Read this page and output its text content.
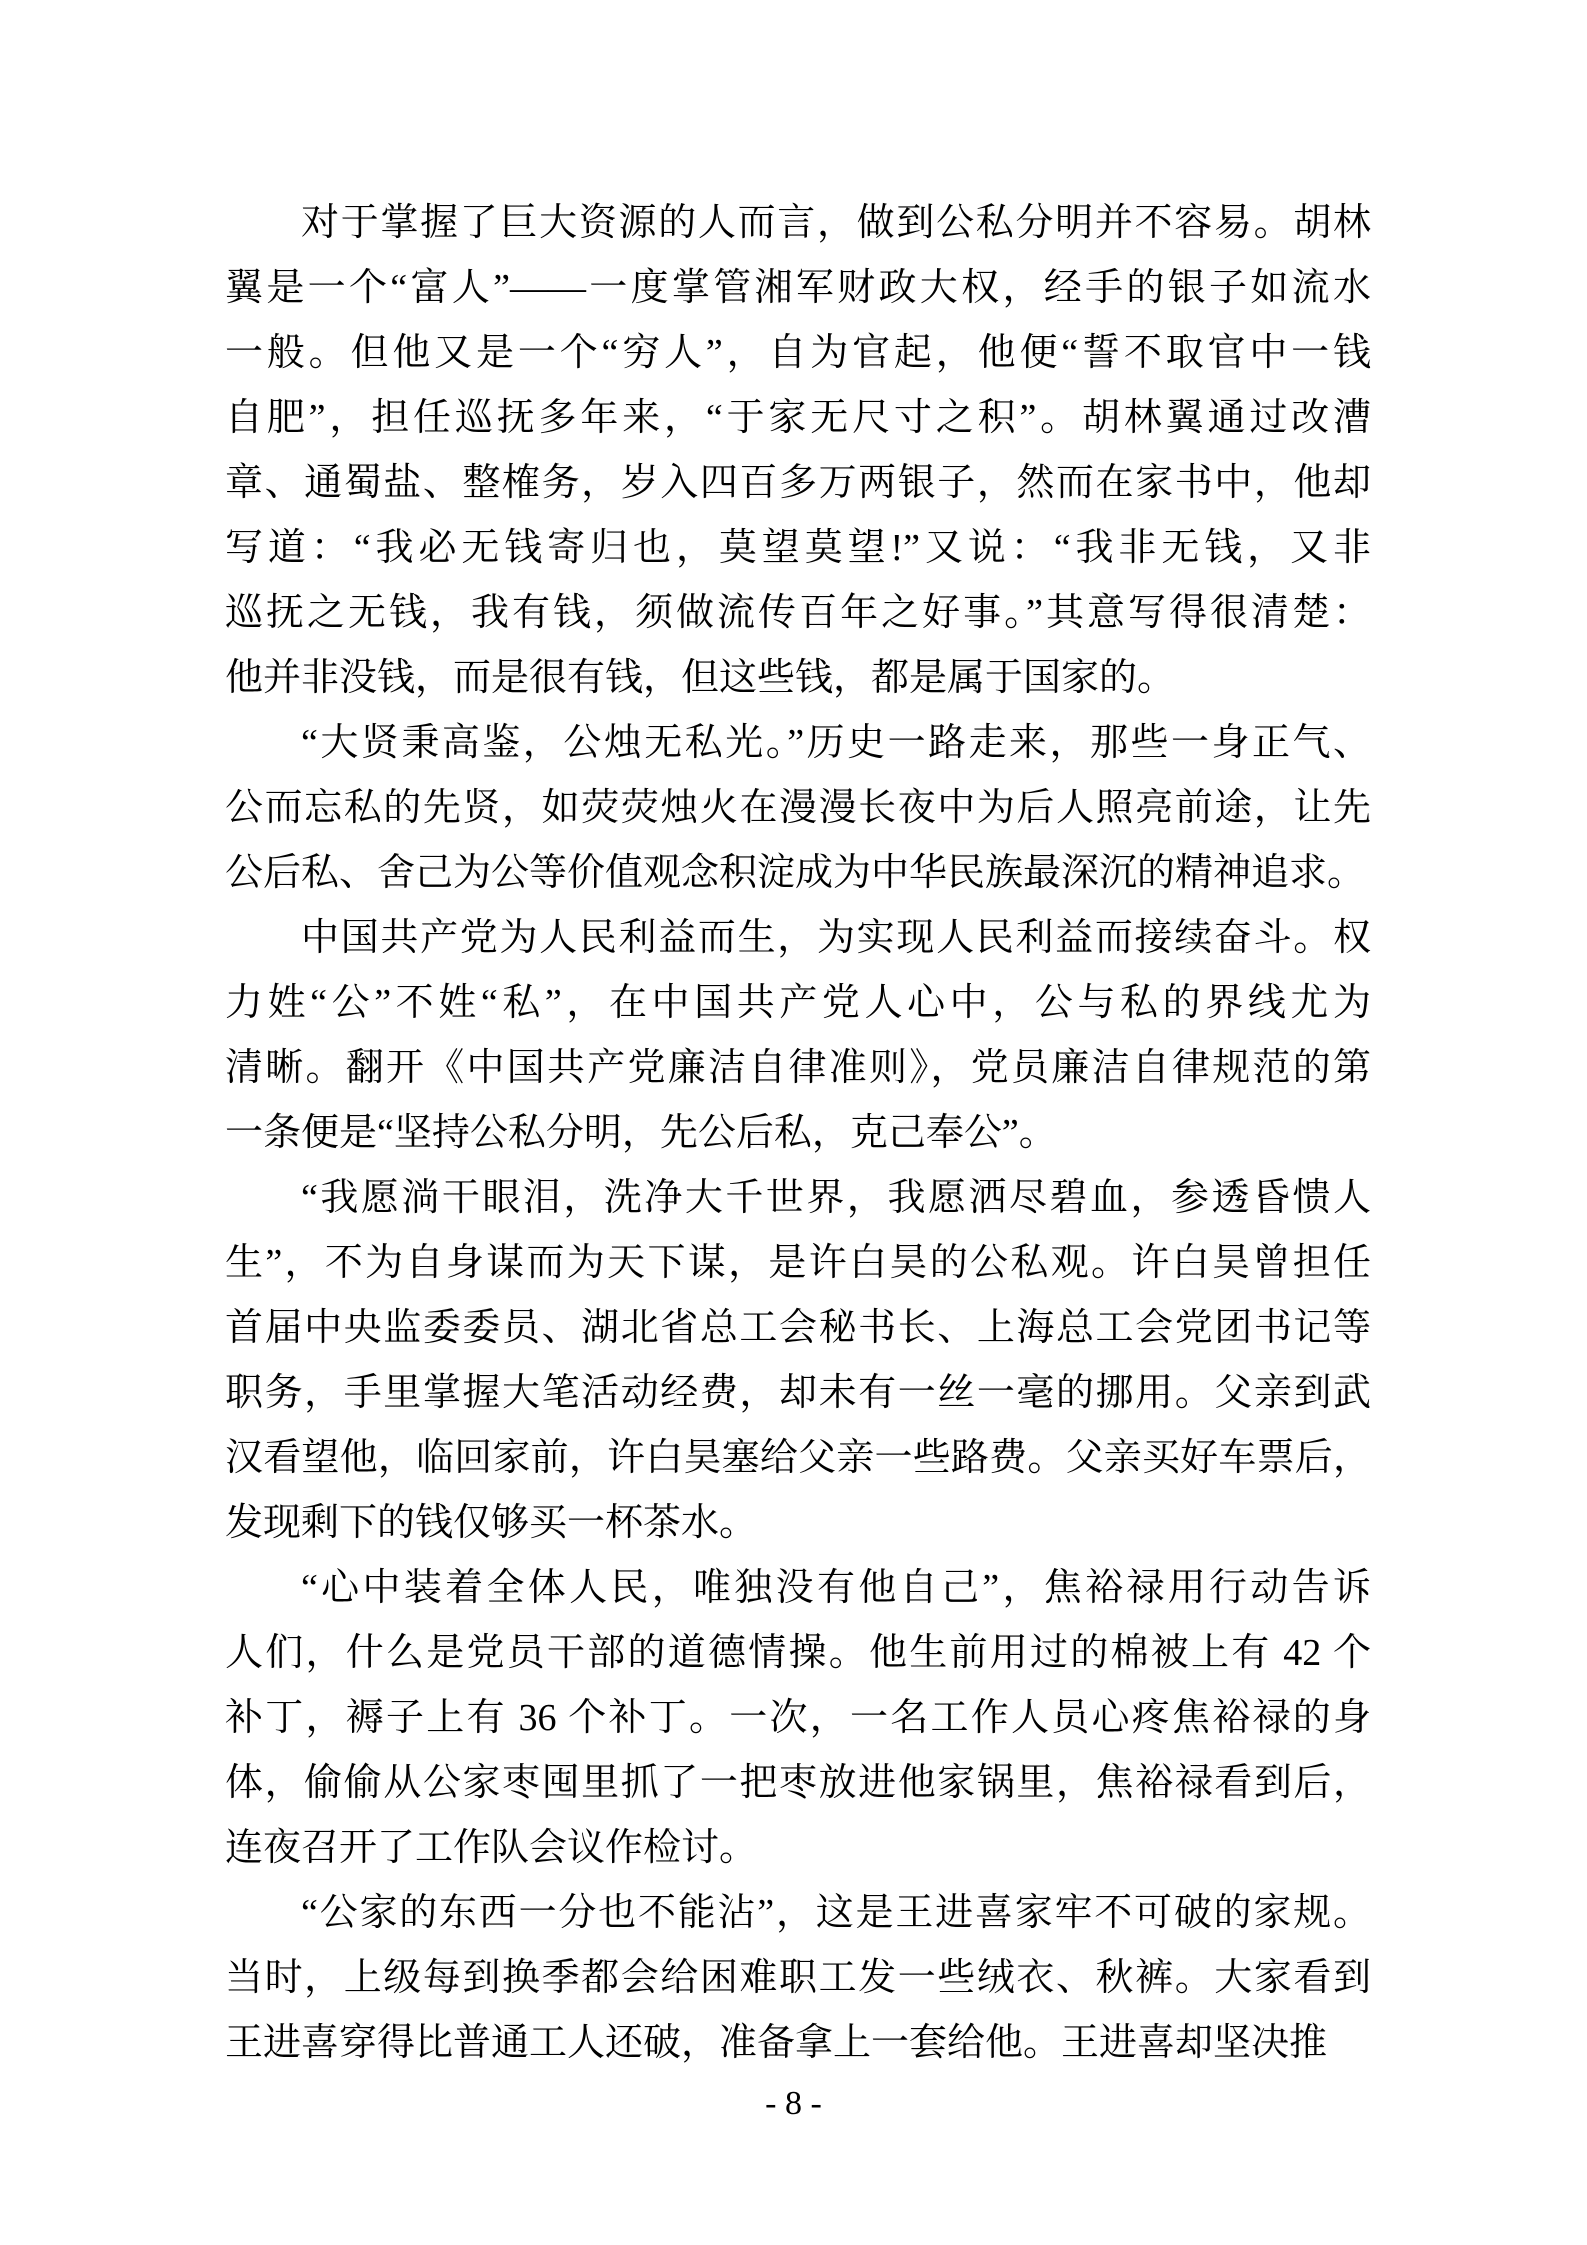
对于掌握了巨大资源的人而言，做到公私分明并不容易。胡林
翼是一个“富人”——一度掌管湘军财政大权，经手的银子如流水
一般。但他又是一个“穷人”，自为官起，他便“誓不取官中一钱
自肥”，担任巡抚多年来，“于家无尺寸之积”。胡林翼通过改漕
章、通蜀盐、整榷务，岁入四百多万两银子，然而在家书中，他却
写道：“我必无钱寄归也，莫望莫望!”又说：“我非无钱，又非
巡抚之无钱，我有钱，须做流传百年之好事。”其意写得很清楚：
他并非没钱，而是很有钱，但这些钱，都是属于国家的。
“大贤秉高鉴，公烛无私光。”历史一路走来，那些一身正气、
公而忘私的先贤，如荧荧烛火在漫漫长夜中为后人照亮前途，让先
公后私、舍己为公等价值观念积淀成为中华民族最深沉的精神追求。
中国共产党为人民利益而生，为实现人民利益而接续奋斗。权
力姓“公”不姓“私”，在中国共产党人心中，公与私的界线尤为
清晰。翻开《中国共产党廉洁自律准则》，党员廉洁自律规范的第
一条便是“坚持公私分明，先公后私，克己奉公”。
“我愿淌干眼泪，洗净大千世界，我愿洒尽碧血，参透昏愦人
生”，不为自身谋而为天下谋，是许白昊的公私观。许白昊曾担任
首届中央监委委员、湖北省总工会秘书长、上海总工会党团书记等
职务，手里掌握大笔活动经费，却未有一丝一毫的挪用。父亲到武
汉看望他，临回家前，许白昊塞给父亲一些路费。父亲买好车票后，
发现剩下的钱仅够买一杯茶水。
“心中装着全体人民，唯独没有他自己”，焦裕禄用行动告诉
人们，什么是党员干部的道德情操。他生前用过的棉被上有 42 个
补丁，褥子上有 36 个补丁。一次，一名工作人员心疼焦裕禄的身
体，偷偷从公家枣囤里抓了一把枣放进他家锅里，焦裕禄看到后，
连夜召开了工作队会议作检讨。
“公家的东西一分也不能沾”，这是王进喜家牢不可破的家规。
当时，上级每到换季都会给困难职工发一些绒衣、秋裤。大家看到
王进喜穿得比普通工人还破，准备拿上一套给他。王进喜却坚决推
- 8 -
